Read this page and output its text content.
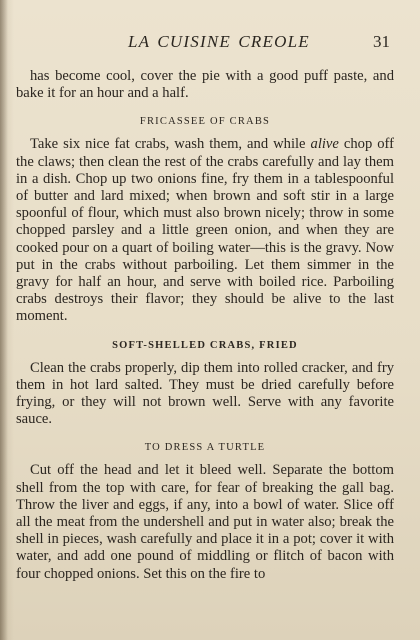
LA CUISINE CREOLE	31

has become cool, cover the pie with a good puff paste, and bake it for an hour and a half.

FRICASSEE OF CRABS

Take six nice fat crabs, wash them, and while alive chop off the claws; then clean the rest of the crabs carefully and lay them in a dish. Chop up two onions fine, fry them in a tablespoonful of butter and lard mixed; when brown and soft stir in a large spoonful of flour, which must also brown nicely; throw in some chopped parsley and a little green onion, and when they are cooked pour on a quart of boiling water—this is the gravy. Now put in the crabs without parboiling. Let them simmer in the gravy for half an hour, and serve with boiled rice. Parboiling crabs destroys their flavor; they should be alive to the last moment.

SOFT-SHELLED CRABS, FRIED

Clean the crabs properly, dip them into rolled cracker, and fry them in hot lard salted. They must be dried carefully before frying, or they will not brown well. Serve with any favorite sauce.

TO DRESS A TURTLE

Cut off the head and let it bleed well. Separate the bottom shell from the top with care, for fear of breaking the gall bag. Throw the liver and eggs, if any, into a bowl of water. Slice off all the meat from the undershell and put in water also; break the shell in pieces, wash carefully and place it in a pot; cover it with water, and add one pound of middling or flitch of bacon with four chopped onions. Set this on the fire to
